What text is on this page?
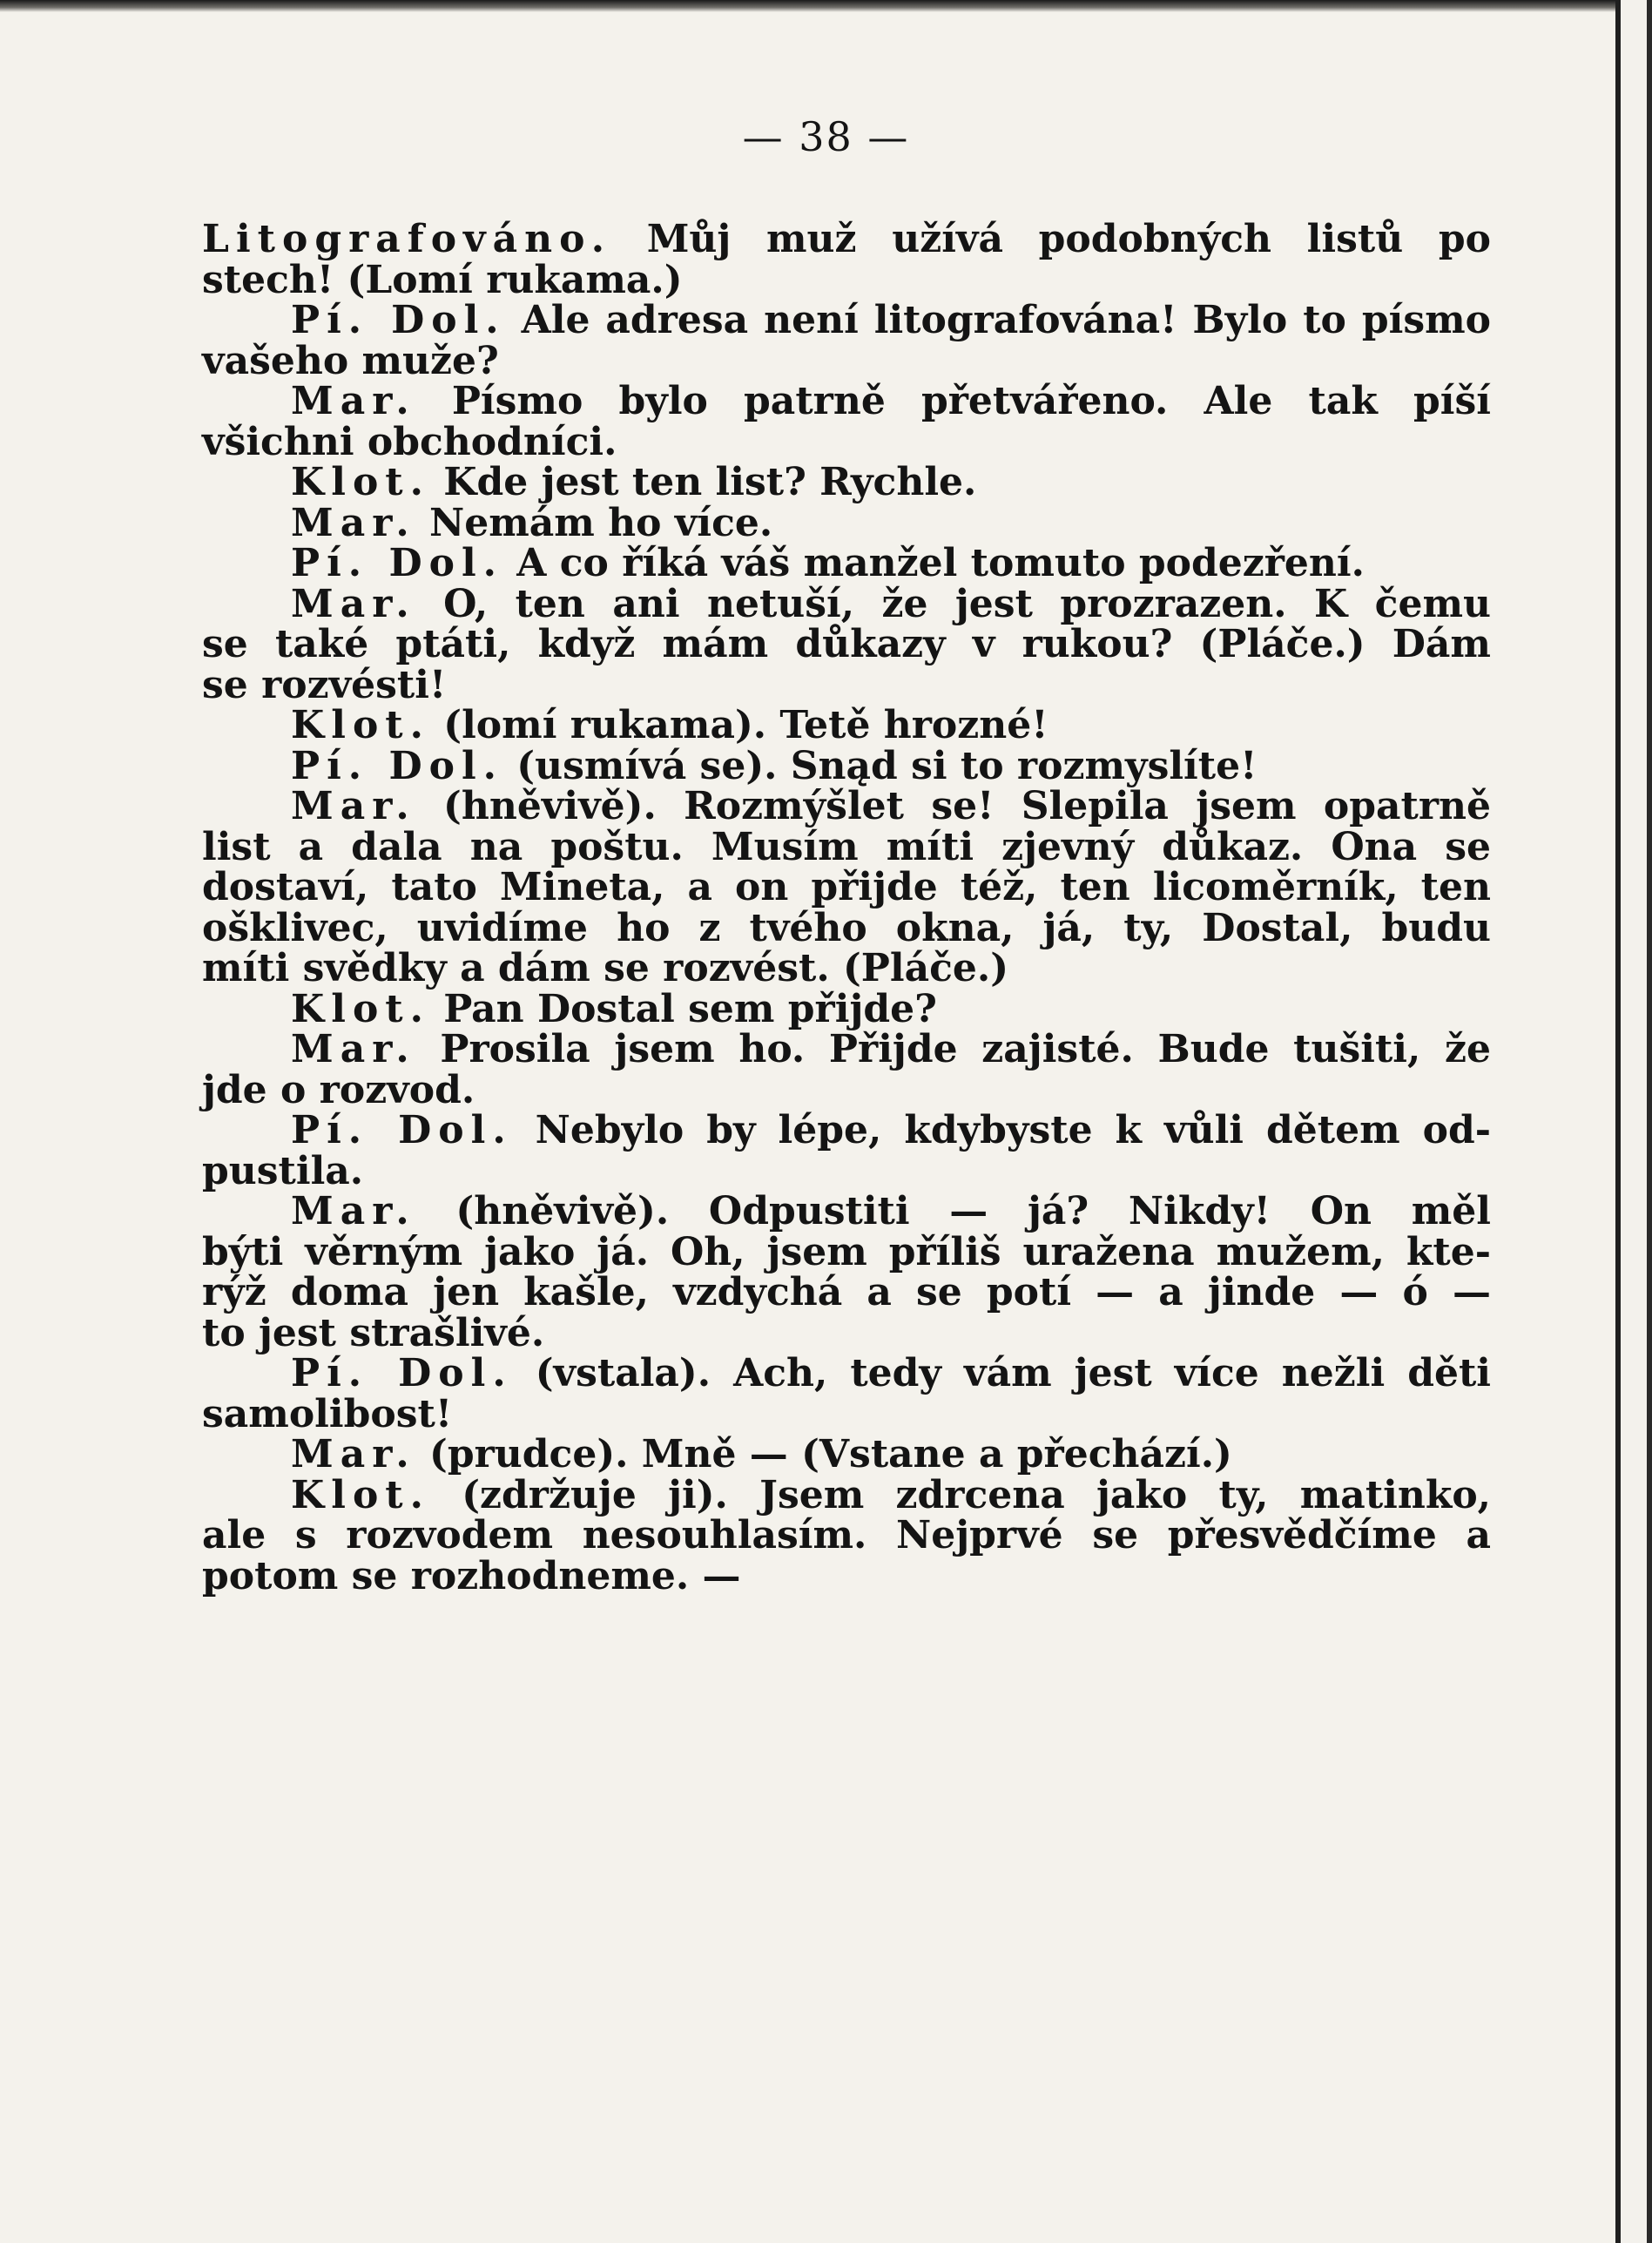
— 38 —
Litografováno. Můj muž užívá podobných listů po
stech! (Lomí rukama.)
Pí. Dol. Ale adresa není litografována! Bylo to písmo
vašeho muže?
Mar. Písmo bylo patrně přetvářeno. Ale tak píší
všichni obchodníci.
Klot. Kde jest ten list? Rychle.
Mar. Nemám ho více.
Pí. Dol. A co říká váš manžel tomuto podezření.
Mar. O, ten ani netuší, že jest prozrazen. K čemu
se také ptáti, když mám důkazy v rukou? (Pláče.) Dám
se rozvésti!
Klot. (lomí rukama). Tetě hrozné!
Pí. Dol. (usmívá se). Snąd si to rozmyslíte!
Mar. (hněvivě). Rozmýšlet se! Slepila jsem opatrně
list a dala na poštu. Musím míti zjevný důkaz. Ona se
dostaví, tato Mineta, a on přijde též, ten licoměrník, ten
ošklivec, uvidíme ho z tvého okna, já, ty, Dostal, budu
míti svědky a dám se rozvést. (Pláče.)
Klot. Pan Dostal sem přijde?
Mar. Prosila jsem ho. Přijde zajisté. Bude tušiti, že
jde o rozvod.
Pí. Dol. Nebylo by lépe, kdybyste k vůli dětem od-
pustila.
Mar. (hněvivě). Odpustiti — já? Nikdy! On měl
býti věrným jako já. Oh, jsem příliš uražena mužem, kte-
rýž doma jen kašle, vzdychá a se potí — a jinde — ó —
to jest strašlivé.
Pí. Dol. (vstala). Ach, tedy vám jest více nežli děti
samolibost!
Mar. (prudce). Mně — (Vstane a přechází.)
Klot. (zdržuje ji). Jsem zdrcena jako ty, matinko,
ale s rozvodem nesouhlasím. Nejprvé se přesvědčíme a
potom se rozhodneme. —
